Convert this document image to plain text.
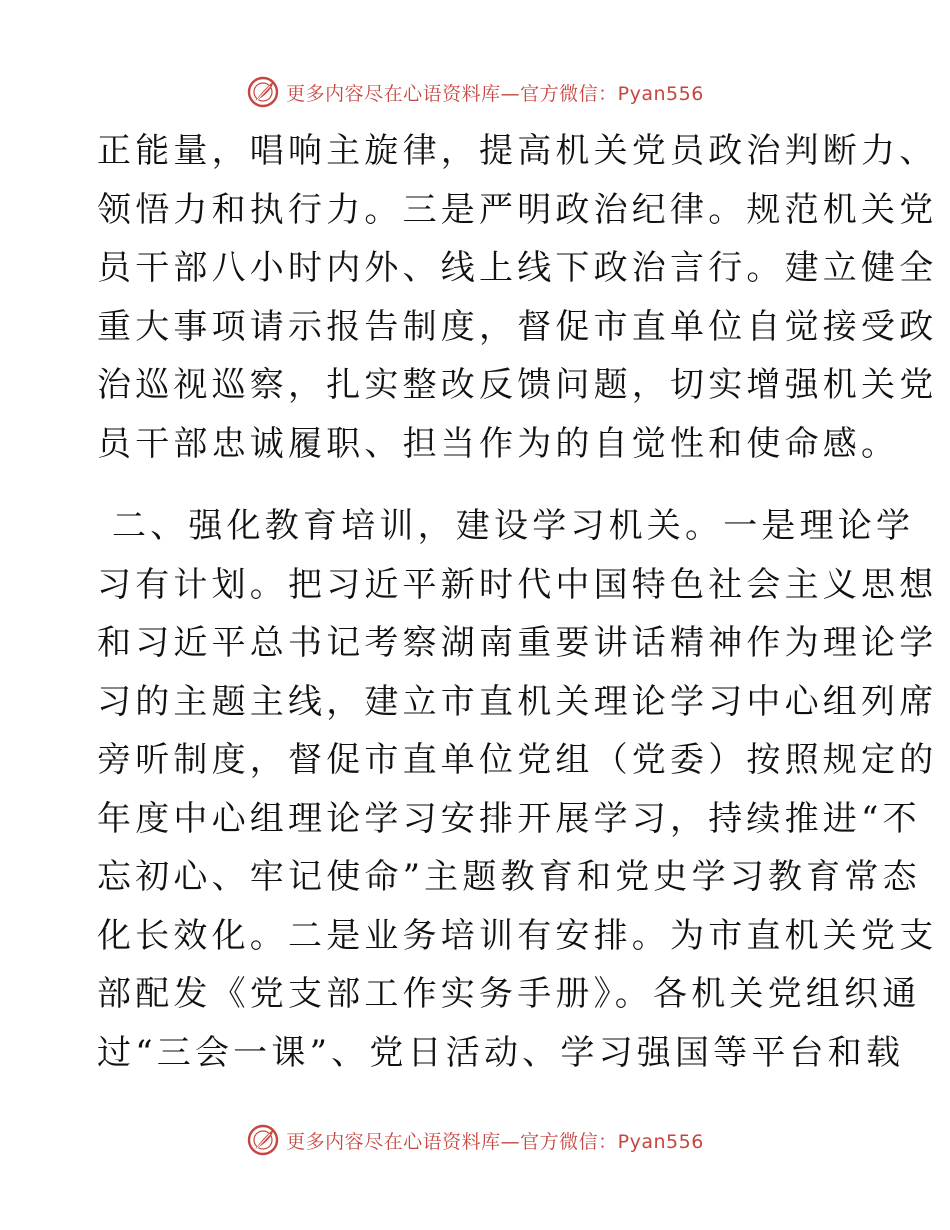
更多内容尽在心语资料库—官方微信：Pyan556

正能量，唱响主旋律，提高机关党员政治判断力、
领悟力和执行力。三是严明政治纪律。规范机关党
员干部八小时内外、线上线下政治言行。建立健全
重大事项请示报告制度，督促市直单位自觉接受政
治巡视巡察，扎实整改反馈问题，切实增强机关党
员干部忠诚履职、担当作为的自觉性和使命感。

二、强化教育培训，建设学习机关。一是理论学
习有计划。把习近平新时代中国特色社会主义思想
和习近平总书记考察湖南重要讲话精神作为理论学
习的主题主线，建立市直机关理论学习中心组列席
旁听制度，督促市直单位党组（党委）按照规定的
年度中心组理论学习安排开展学习，持续推进“不
忘初心、牢记使命”主题教育和党史学习教育常态
化长效化。二是业务培训有安排。为市直机关党支
部配发《党支部工作实务手册》。各机关党组织通
过“三会一课”、党日活动、学习强国等平台和载

更多内容尽在心语资料库—官方微信：Pyan556
